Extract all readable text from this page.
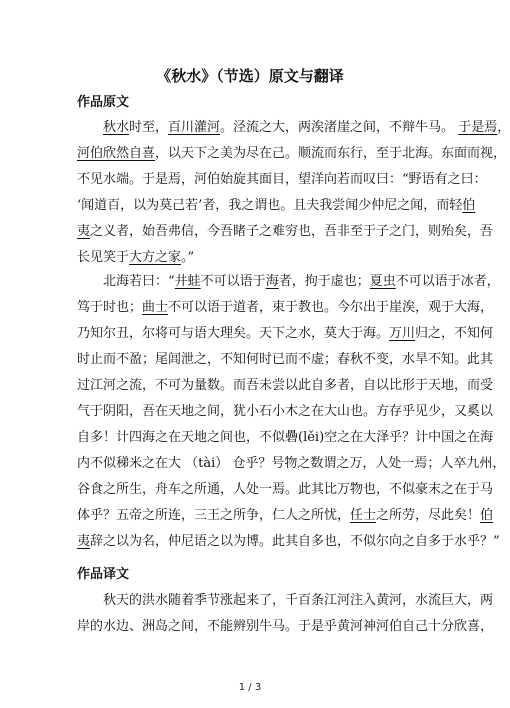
《秋水》（节选）原文与翻译
作品原文
秋水时至，百川灌河。泾流之大，两涘渚崖之间，不辩牛马。 于是焉，
河伯欣然自喜，以天下之美为尽在己。顺流而东行，至于北海。东面而视，
不见水端。于是焉，河伯始旋其面目，望洋向若而叹曰：“野语有之曰：
‘闻道百，以为莫己若’者，我之谓也。且夫我尝闻少仲尼之闻，而轻伯
夷之义者，始吾弗信，今吾睹子之难穷也，吾非至于子之门，则殆矣，吾
长见笑于大方之家。”
北海若曰：“井蛙不可以语于海者，拘于虚也；夏虫不可以语于冰者，
笃于时也；曲士不可以语于道者，束于教也。今尔出于崖涘，观于大海，
乃知尔丑，尔将可与语大理矣。天下之水，莫大于海。万川归之，不知何
时止而不盈；尾闾泄之，不知何时已而不虚；春秋不变，水旱不知。此其
过江河之流，不可为量数。而吾未尝以此自多者，自以比形于天地，而受
气于阴阳，吾在天地之间，犹小石小木之在大山也。方存乎见少，又奚以
自多！计四海之在天地之间也，不似礨(lěi)空之在大泽乎？计中国之在海
内不似稊米之在大 （tài） 仓乎？号物之数谓之万，人处一焉；人卒九州，
谷食之所生，舟车之所通，人处一焉。此其比万物也，不似豪末之在于马
体乎？五帝之所连，三王之所争，仁人之所忧，任士之所劳，尽此矣！伯
夷辞之以为名，仲尼语之以为博。此其自多也，不似尔向之自多于水乎？”
作品译文
秋天的洪水随着季节涨起来了，千百条江河注入黄河，水流巨大，两
岸的水边、洲岛之间，不能辨别牛马。于是乎黄河神河伯自己十分欣喜，
1 / 3
